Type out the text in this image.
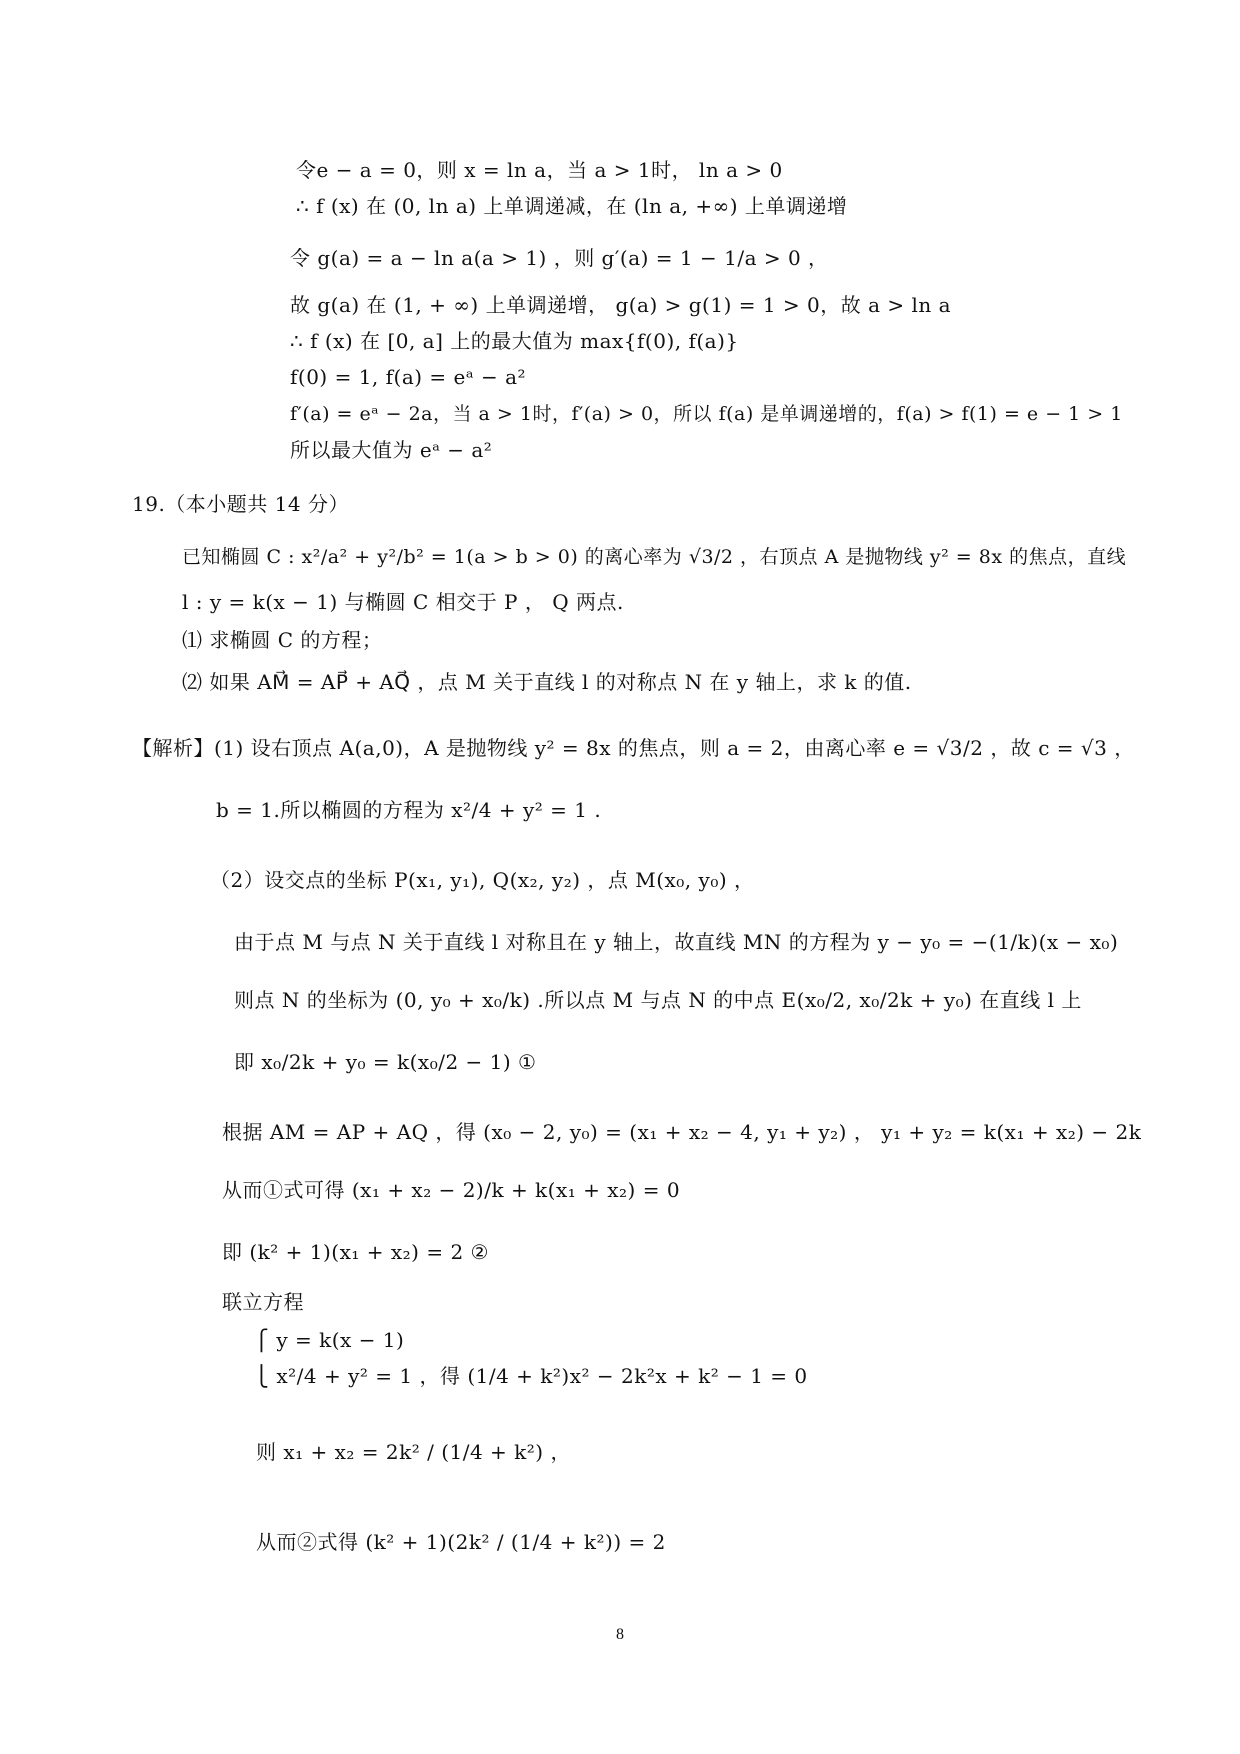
令e − a = 0，则 x = ln a，当 a > 1时， ln a > 0
∴ f (x) 在 (0, ln a) 上单调递减，在 (ln a, +∞) 上单调递增
令 g(a) = a − ln a(a > 1) ，则 g′(a) = 1 − 1/a > 0 ，
故 g(a) 在 (1, + ∞) 上单调递增， g(a) > g(1) = 1 > 0，故 a > ln a
∴ f (x) 在 [0, a] 上的最大值为 max{f(0), f(a)}
f(0) = 1, f(a) = eᵃ − a²
f′(a) = eᵃ − 2a，当 a > 1时，f′(a) > 0，所以 f(a) 是单调递增的，f(a) > f(1) = e − 1 > 1
所以最大值为 eᵃ − a²
19.（本小题共 14 分）
已知椭圆 C : x²/a² + y²/b² = 1(a > b > 0) 的离心率为 √3/2 ，右顶点 A 是抛物线 y² = 8x 的焦点，直线
l : y = k(x − 1) 与椭圆 C 相交于 P ， Q 两点.
⑴ 求椭圆 C 的方程；
⑵ 如果 AM⃗ = AP⃗ + AQ⃗ ，点 M 关于直线 l 的对称点 N 在 y 轴上，求 k 的值.
【解析】(1) 设右顶点 A(a,0)，A 是抛物线 y² = 8x 的焦点，则 a = 2，由离心率 e = √3/2 ，故 c = √3 ，
b = 1.所以椭圆的方程为 x²/4 + y² = 1 .
（2）设交点的坐标 P(x₁, y₁), Q(x₂, y₂) ，点 M(x₀, y₀) ，
由于点 M 与点 N 关于直线 l 对称且在 y 轴上，故直线 MN 的方程为 y − y₀ = −(1/k)(x − x₀)
则点 N 的坐标为 (0, y₀ + x₀/k) .所以点 M 与点 N 的中点 E(x₀/2, x₀/2k + y₀) 在直线 l 上
即 x₀/2k + y₀ = k(x₀/2 − 1) ①
根据 AM = AP + AQ ，得 (x₀ − 2, y₀) = (x₁ + x₂ − 4, y₁ + y₂) ， y₁ + y₂ = k(x₁ + x₂) − 2k
从而①式可得 (x₁ + x₂ − 2)/k + k(x₁ + x₂) = 0
即 (k² + 1)(x₁ + x₂) = 2 ②
联立方程
⎧ y = k(x − 1)
⎩ x²/4 + y² = 1 ，得 (1/4 + k²)x² − 2k²x + k² − 1 = 0
则 x₁ + x₂ = 2k² / (1/4 + k²) ，
从而②式得 (k² + 1)(2k² / (1/4 + k²)) = 2
8
